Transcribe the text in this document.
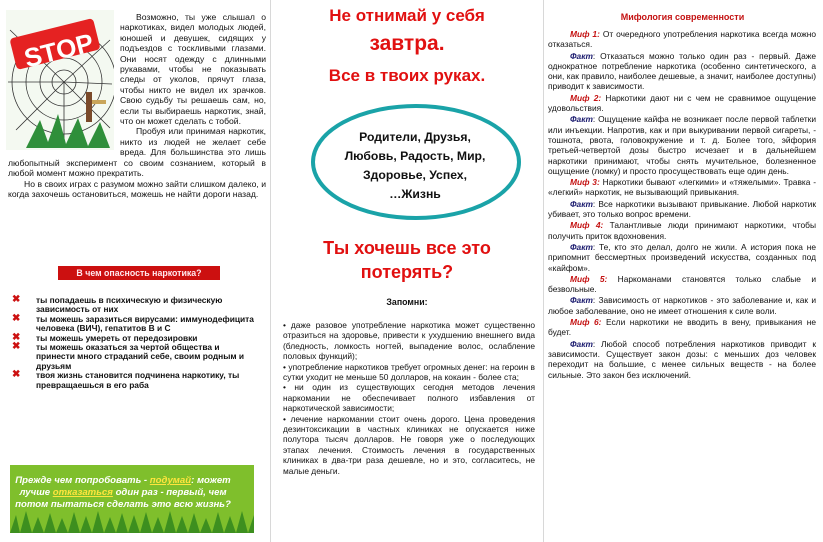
STOP

Возможно, ты уже слышал о наркотиках, видел молодых людей, юношей и девушек, сидящих у подъездов с тоскливыми глазами. Они носят одежду с длинными рукавами, чтобы не показывать следы от уколов, прячут глаза, чтобы никто не видел их зрачков. Свою судьбу ты решаешь сам, но, если ты выбираешь наркотик, знай, что он может сделать с тобой.

Пробуя или принимая наркотик, никто из людей не желает себе вреда. Для большинства это лишь любопытный эксперимент со своим сознанием, который в любой момент можно прекратить.

Но в своих играх с разумом можно зайти слишком далеко, и когда захочешь остановиться, можешь не найти дороги назад.

В чем опасность наркотика?
✖ ты попадаешь в психическую и физическую зависимость от них
✖ ты можешь заразиться вирусами: иммунодефицита человека (ВИЧ), гепатитов В и С
✖ ты можешь умереть от передозировки
✖ ты можешь оказаться за чертой общества и принести много страданий себе, своим родным и друзьям
✖ твоя жизнь становится подчинена наркотику, ты превращаешься в его раба
Прежде чем попробовать - подумай: может лучше отказаться один раз - первый, чем потом пытаться сделать это всю жизнь?
Не отнимай у себя
завтра.
Все в твоих руках.
Родители, Друзья,
Любовь, Радость, Мир,
Здоровье, Успех,
…Жизнь
Ты хочешь все это
потерять?
Запомни:

• даже разовое употребление наркотика может существенно отразиться на здоровье, привести к ухудшению внешнего вида (бледность, ломкость ногтей, выпадение волос, ослабление половых функций);

• употребление наркотиков требует огромных денег: на героин в сутки уходит не меньше 50 долларов, на кокаин - более ста;

• ни один из существующих сегодня методов лечения наркомании не обеспечивает полного избавления от наркотической зависимости;

• лечение наркомании стоит очень дорого. Цена проведения дезинтоксикации в частных клиниках не опускается ниже полутора тысяч долларов. Не говоря уже о последующих этапах лечения. Стоимость лечения в государственных клиниках в два-три раза дешевле, но и это, согласитесь, не малые деньги.

Мифология современности

Миф 1: От очередного употребления наркотика всегда можно отказаться.

Факт: Отказаться можно только один раз - первый. Даже однократное потребление наркотика (особенно синтетического, а они, как правило, наиболее дешевые, а значит, наиболее доступны) приводит к зависимости.

Миф 2: Наркотики дают ни с чем не сравнимое ощущение удовольствия.

Факт: Ощущение кайфа не возникает после первой таблетки или инъекции. Напротив, как и при выкуривании первой сигареты, - тошнота, рвота, головокружение и т. д. Более того, эйфория третьей-четвертой дозы быстро исчезает и в дальнейшем наркотики принимают, чтобы снять мучительное, болезненное ощущение (ломку) и просто просуществовать еще один день.

Миф 3: Наркотики бывают «легкими» и «тяжелыми». Травка - «легкий» наркотик, не вызывающий привыкания.

Факт: Все наркотики вызывают привыкание. Любой наркотик убивает, это только вопрос времени.

Миф 4: Талантливые люди принимают наркотики, чтобы получить приток вдохновения.

Факт: Те, кто это делал, долго не жили. А история пока не припомнит бессмертных произведений искусства, созданных под «кайфом».

Миф 5: Наркоманами становятся только слабые и безвольные.

Факт: Зависимость от наркотиков - это заболевание и, как и любое заболевание, оно не имеет отношения к силе воли.

Миф 6: Если наркотики не вводить в вену, привыкания не будет.

Факт: Любой способ потребления наркотиков приводит к зависимости. Существует закон дозы: с меньших доз человек переходит на большие, с менее сильных веществ - на более сильные. Это закон без исключений.
